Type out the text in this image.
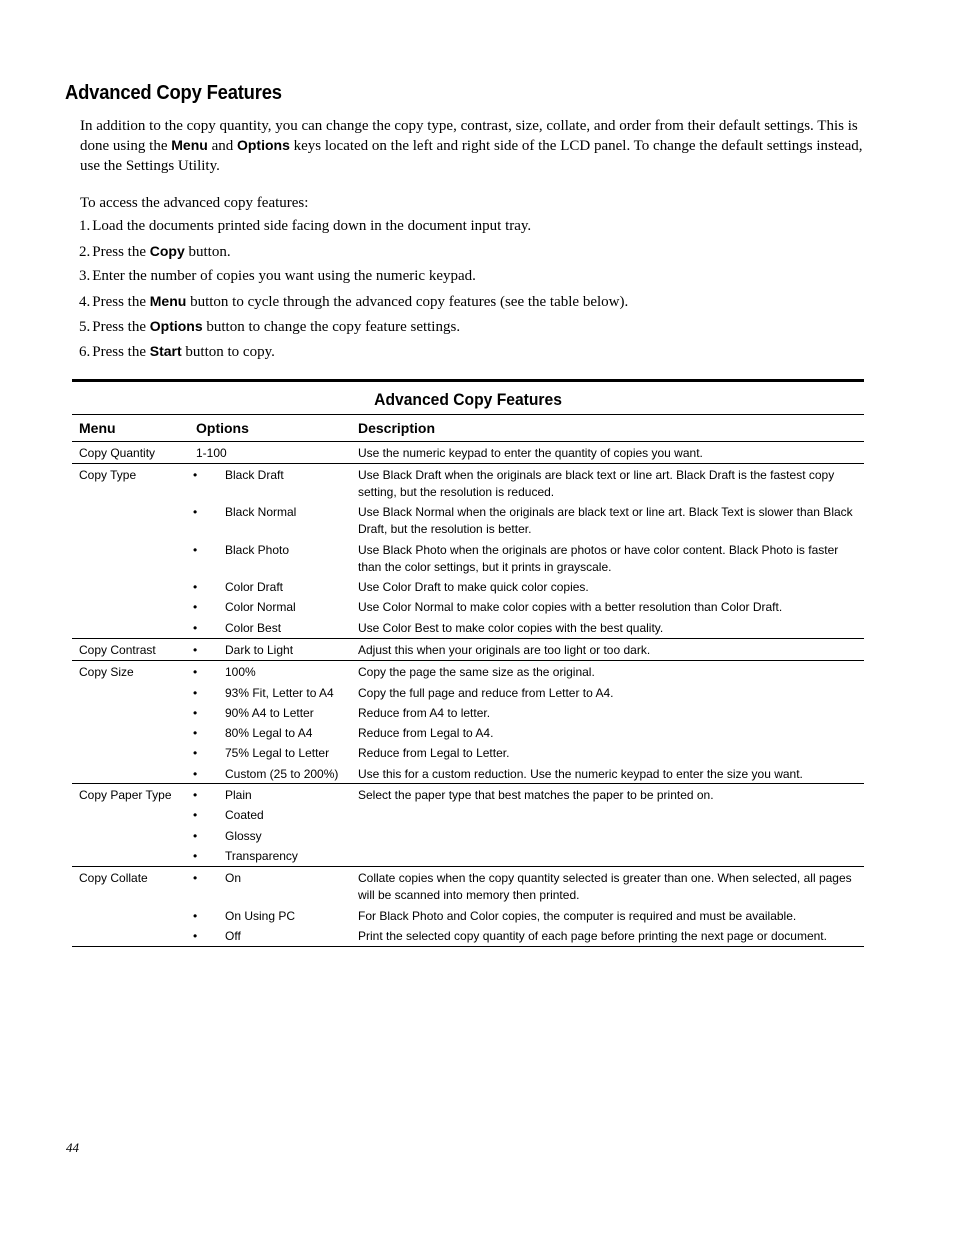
Advanced Copy Features

In addition to the copy quantity, you can change the copy type, contrast, size, collate, and order from their default settings. This is done using the Menu and Options keys located on the left and right side of the LCD panel. To change the default settings instead, use the Settings Utility.

To access the advanced copy features:

1. Load the documents printed side facing down in the document input tray.
2. Press the Copy button.
3. Enter the number of copies you want using the numeric keypad.
4. Press the Menu button to cycle through the advanced copy features (see the table below).
5. Press the Options button to change the copy feature settings.
6. Press the Start button to copy.
Advanced Copy Features
Menu	Options	Description
Copy Quantity	1-100	Use the numeric keypad to enter the quantity of copies you want.
Copy Type	• Black Draft	Use Black Draft when the originals are black text or line art. Black Draft is the fastest copy setting, but the resolution is reduced.
• Black Normal	Use Black Normal when the originals are black text or line art. Black Text is slower than Black Draft, but the resolution is better.
• Black Photo	Use Black Photo when the originals are photos or have color content. Black Photo is faster than the color settings, but it prints in grayscale.
• Color Draft	Use Color Draft to make quick color copies.
• Color Normal	Use Color Normal to make color copies with a better resolution than Color Draft.
• Color Best	Use Color Best to make color copies with the best quality.
Copy Contrast	• Dark to Light	Adjust this when your originals are too light or too dark.
Copy Size	• 100%	Copy the page the same size as the original.
• 93% Fit, Letter to A4	Copy the full page and reduce from Letter to A4.
• 90% A4 to Letter	Reduce from A4 to letter.
• 80% Legal to A4	Reduce from Legal to A4.
• 75% Legal to Letter	Reduce from Legal to Letter.
• Custom (25 to 200%)	Use this for a custom reduction. Use the numeric keypad to enter the size you want.
Copy Paper Type	• Plain	Select the paper type that best matches the paper to be printed on.
• Coated
• Glossy
• Transparency
Copy Collate	• On	Collate copies when the copy quantity selected is greater than one. When selected, all pages will be scanned into memory then printed.
• On Using PC	For Black Photo and Color copies, the computer is required and must be available.
• Off	Print the selected copy quantity of each page before printing the next page or document.
44
